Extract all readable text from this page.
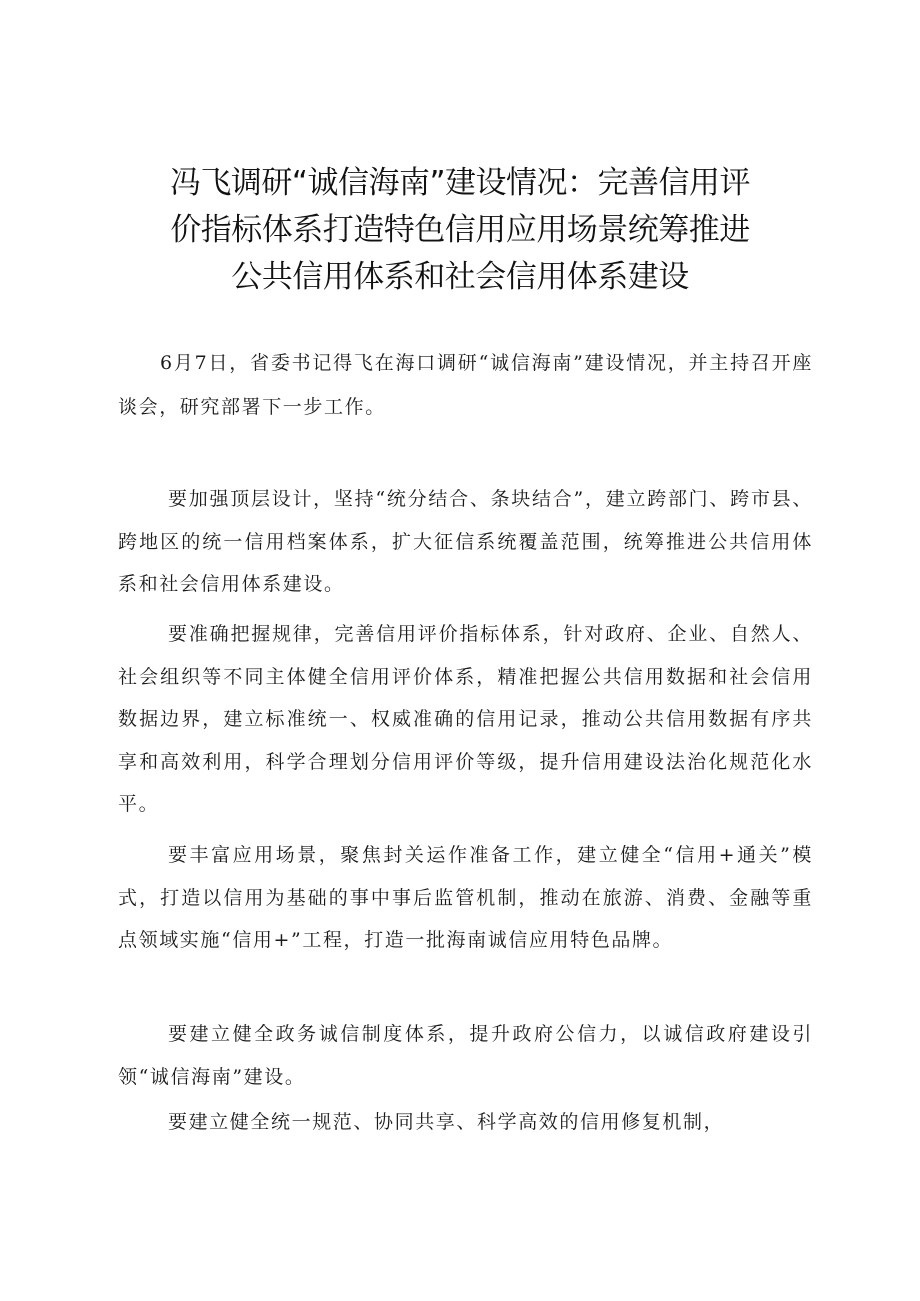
冯飞调研“诚信海南”建设情况：完善信用评
价指标体系打造特色信用应用场景统筹推进
公共信用体系和社会信用体系建设

6月7日，省委书记得飞在海口调研“诚信海南”建设情况，并主持召开座谈会，研究部署下一步工作。

要加强顶层设计，坚持“统分结合、条块结合”，建立跨部门、跨市县、跨地区的统一信用档案体系，扩大征信系统覆盖范围，统筹推进公共信用体系和社会信用体系建设。

要准确把握规律，完善信用评价指标体系，针对政府、企业、自然人、社会组织等不同主体健全信用评价体系，精准把握公共信用数据和社会信用数据边界，建立标准统一、权威准确的信用记录，推动公共信用数据有序共享和高效利用，科学合理划分信用评价等级，提升信用建设法治化规范化水平。

要丰富应用场景，聚焦封关运作准备工作，建立健全“信用+通关”模式，打造以信用为基础的事中事后监管机制，推动在旅游、消费、金融等重点领域实施“信用+”工程，打造一批海南诚信应用特色品牌。

要建立健全政务诚信制度体系，提升政府公信力，以诚信政府建设引领“诚信海南”建设。

要建立健全统一规范、协同共享、科学高效的信用修复机制，
